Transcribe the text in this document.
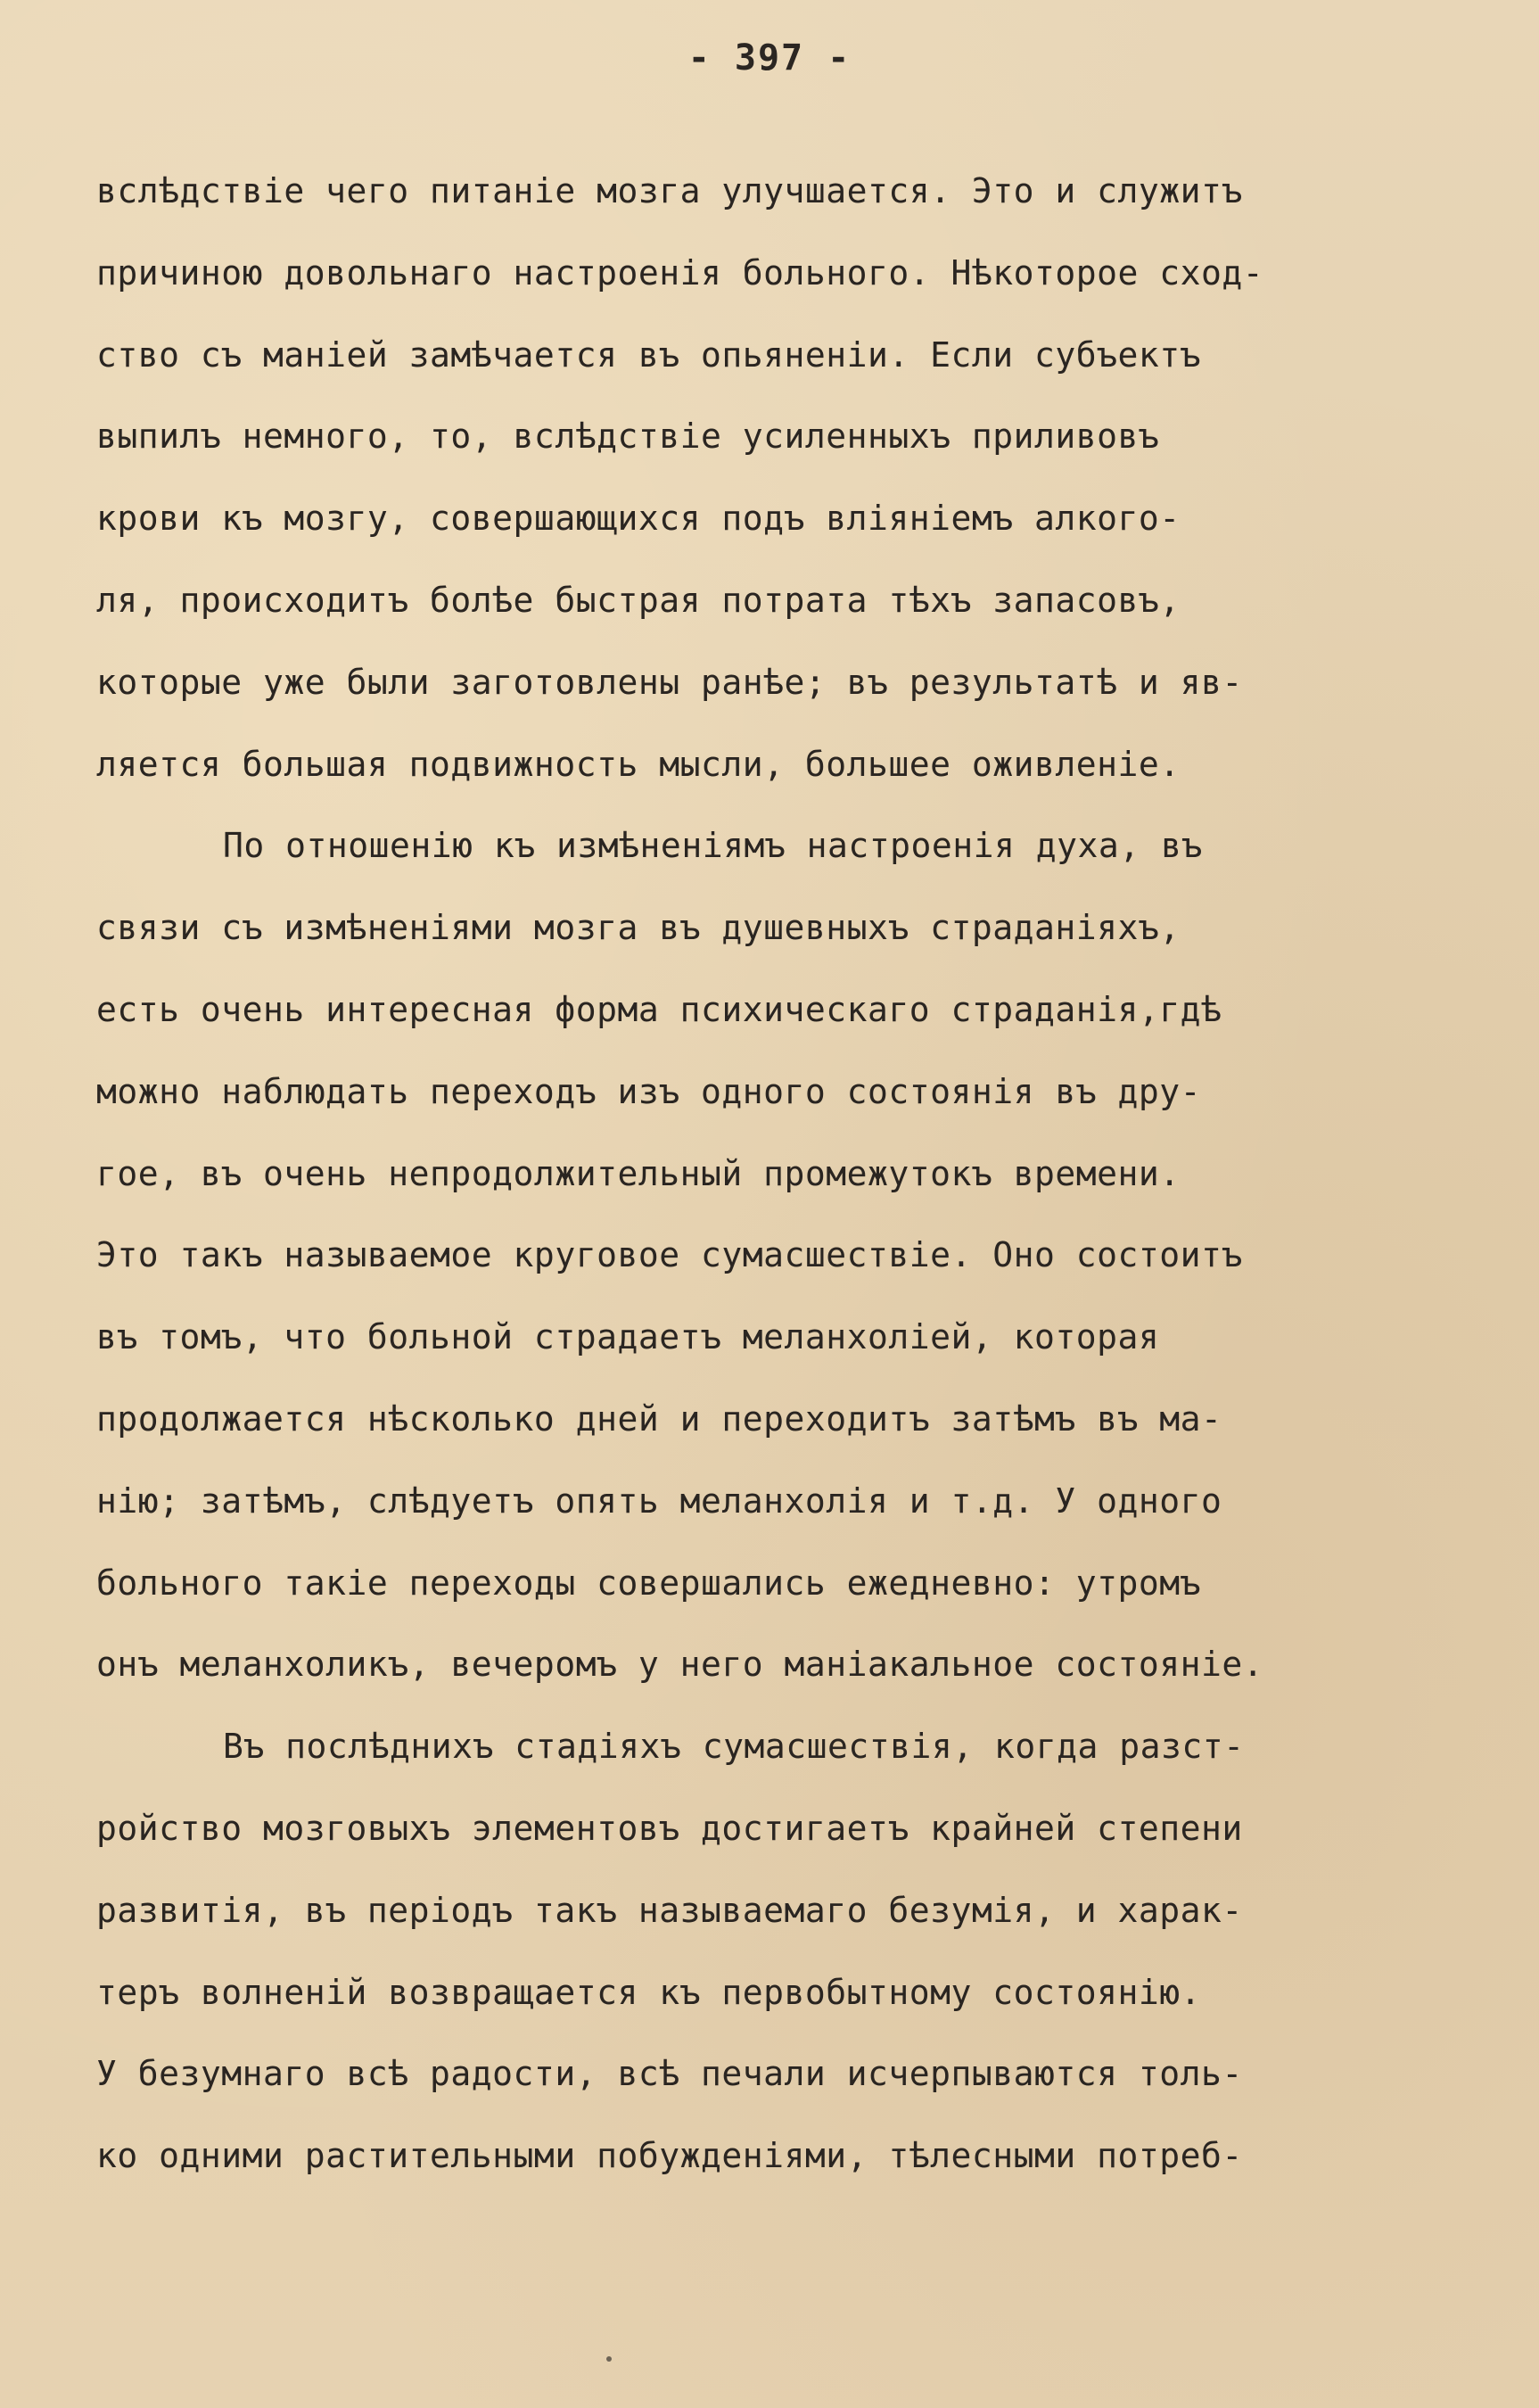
- 397 -
вслѣдствіе чего питаніе мозга улучшается. Это и служитъ
причиною довольнаго настроенія больного. Нѣкоторое сход-
ство съ маніей замѣчается въ опьяненіи. Если субъектъ
выпилъ немного, то, вслѣдствіе усиленныхъ приливовъ
крови къ мозгу, совершающихся подъ вліяніемъ алкого-
ля, происходитъ болѣе быстрая потрата тѣхъ запасовъ,
которые уже были заготовлены ранѣе; въ результатѣ и яв-
ляется большая подвижность мысли, большее оживленіе.
По отношенію къ измѣненіямъ настроенія духа, въ
связи съ измѣненіями мозга въ душевныхъ страданіяхъ,
есть очень интересная форма психическаго страданія,гдѣ
можно наблюдать переходъ изъ одного состоянія въ дру-
гое, въ очень непродолжительный промежутокъ времени.
Это такъ называемое круговое сумасшествіе. Оно состоитъ
въ томъ, что больной страдаетъ меланхоліей, которая
продолжается нѣсколько дней и переходитъ затѣмъ въ ма-
нію; затѣмъ, слѣдуетъ опять меланхолія и т.д. У одного
больного такіе переходы совершались ежедневно: утромъ
онъ меланхоликъ, вечеромъ у него маніакальное состояніе.
Въ послѣднихъ стадіяхъ сумасшествія, когда разст-
ройство мозговыхъ элементовъ достигаетъ крайней степени
развитія, въ періодъ такъ называемаго безумія, и харак-
теръ волненій возвращается къ первобытному состоянію.
У безумнаго всѣ радости, всѣ печали исчерпываются толь-
ко одними растительными побужденіями, тѣлесными потреб-
